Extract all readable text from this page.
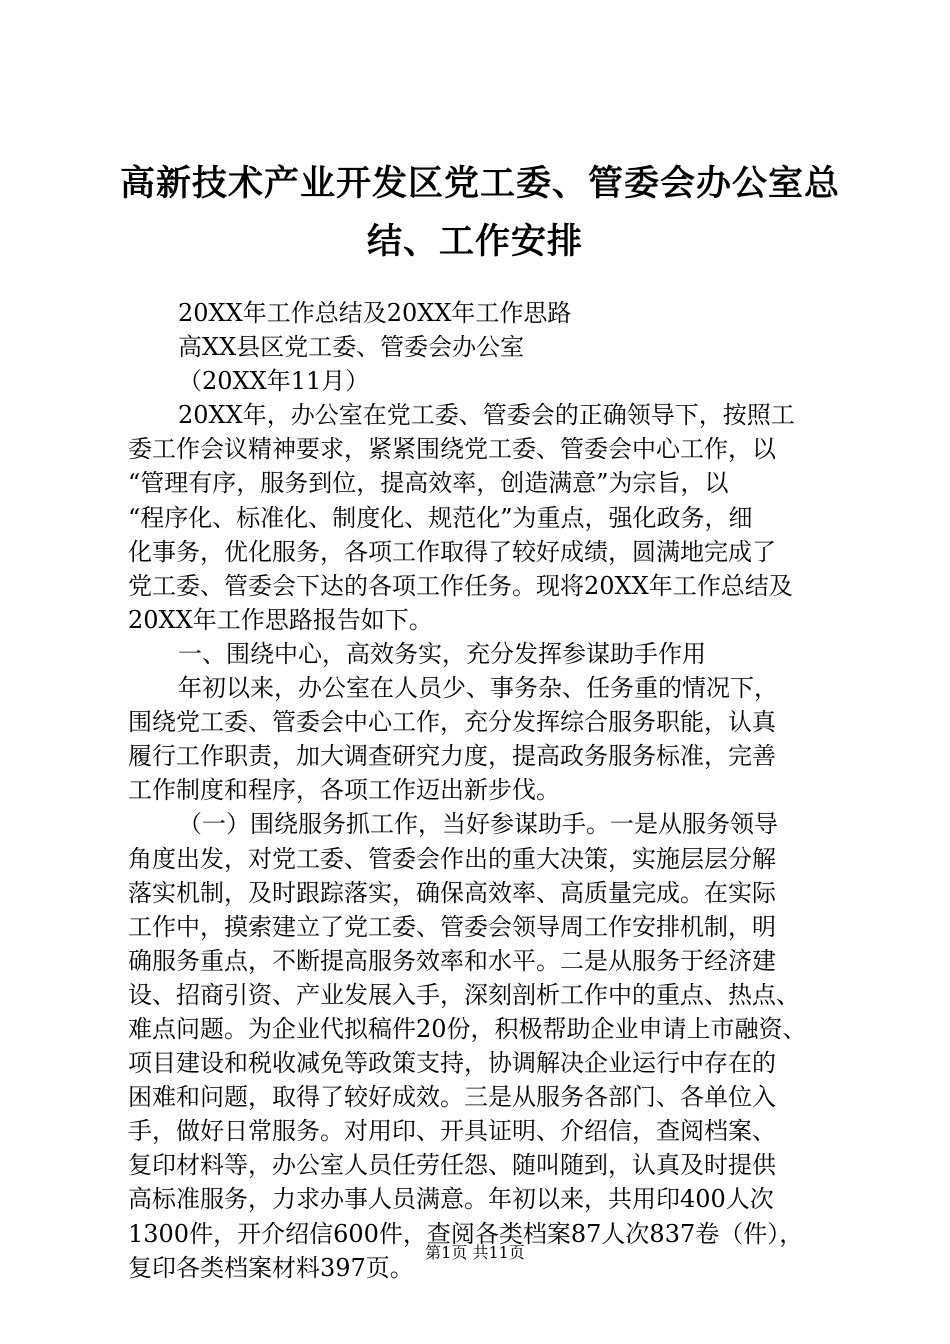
高新技术产业开发区党工委、管委会办公室总
结、工作安排
20XX年工作总结及20XX年工作思路
高XX县区党工委、管委会办公室
（20XX年11月）
20XX年，办公室在党工委、管委会的正确领导下，按照工
委工作会议精神要求，紧紧围绕党工委、管委会中心工作，以
“管理有序，服务到位，提高效率，创造满意”为宗旨，以
“程序化、标准化、制度化、规范化”为重点，强化政务，细
化事务，优化服务，各项工作取得了较好成绩，圆满地完成了
党工委、管委会下达的各项工作任务。现将20XX年工作总结及
20XX年工作思路报告如下。
一、围绕中心，高效务实，充分发挥参谋助手作用
年初以来，办公室在人员少、事务杂、任务重的情况下，
围绕党工委、管委会中心工作，充分发挥综合服务职能，认真
履行工作职责，加大调查研究力度，提高政务服务标准，完善
工作制度和程序，各项工作迈出新步伐。
（一）围绕服务抓工作，当好参谋助手。一是从服务领导
角度出发，对党工委、管委会作出的重大决策，实施层层分解
落实机制，及时跟踪落实，确保高效率、高质量完成。在实际
工作中，摸索建立了党工委、管委会领导周工作安排机制，明
确服务重点，不断提高服务效率和水平。二是从服务于经济建
设、招商引资、产业发展入手，深刻剖析工作中的重点、热点、
难点问题。为企业代拟稿件20份，积极帮助企业申请上市融资、
项目建设和税收减免等政策支持，协调解决企业运行中存在的
困难和问题，取得了较好成效。三是从服务各部门、各单位入
手，做好日常服务。对用印、开具证明、介绍信，查阅档案、
复印材料等，办公室人员任劳任怨、随叫随到，认真及时提供
高标准服务，力求办事人员满意。年初以来，共用印400人次
1300件，开介绍信600件，查阅各类档案87人次837卷（件），
复印各类档案材料397页。
第1页 共11页
